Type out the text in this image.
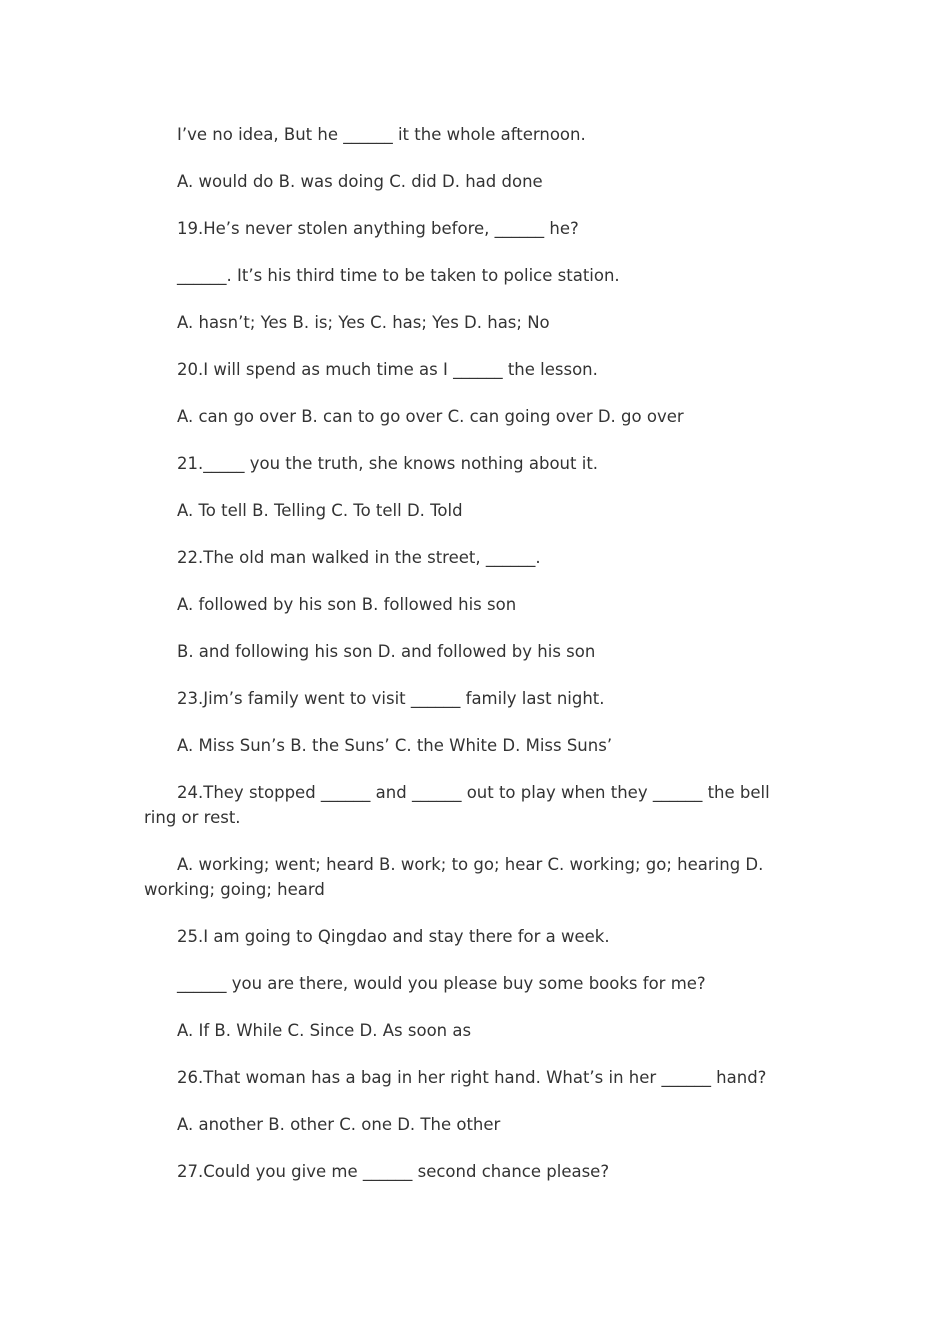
I’ve no idea, But he ______ it the whole afternoon.

A. would do B. was doing C. did D. had done

19.He’s never stolen anything before, ______ he?

______. It’s his third time to be taken to police station.

A. hasn’t; Yes B. is; Yes C. has; Yes D. has; No

20.I will spend as much time as I ______ the lesson.

A. can go over B. can to go over C. can going over D. go over

21._____ you the truth, she knows nothing about it.

A. To tell B. Telling C. To tell D. Told

22.The old man walked in the street, ______.

A. followed by his son B. followed his son

B. and following his son D. and followed by his son

23.Jim’s family went to visit ______ family last night.

A. Miss Sun’s B. the Suns’ C. the White D. Miss Suns’

24.They stopped ______ and ______ out to play when they ______ the bell ring or rest.

A. working; went; heard B. work; to go; hear C. working; go; hearing D. working; going; heard

25.I am going to Qingdao and stay there for a week.

______ you are there, would you please buy some books for me?

A. If B. While C. Since D. As soon as

26.That woman has a bag in her right hand. What’s in her ______ hand?

A. another B. other C. one D. The other

27.Could you give me ______ second chance please?
